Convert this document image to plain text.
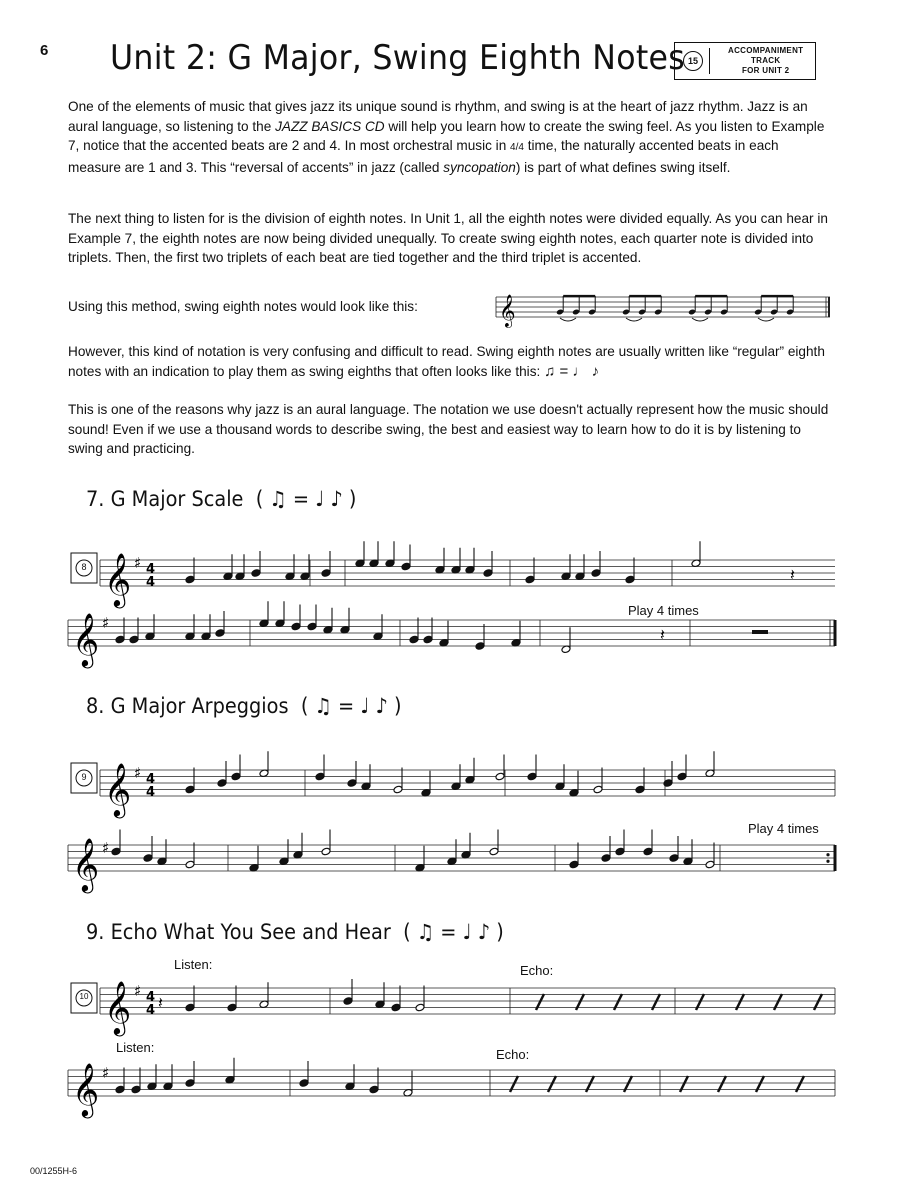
6 Unit 2: G Major, Swing Eighth Notes 15
ACCOMPANIMENT TRACK
FOR UNIT 2
One of the elements of music that gives jazz its unique sound is rhythm, and swing is at the heart of jazz rhythm. Jazz is an aural language, so listening to the JAZZ BASICS CD will help you learn how to create the swing feel. As you listen to Example 7, notice that the accented beats are 2 and 4. In most orchestral music in 4/4 time, the naturally accented beats in each measure are 1 and 3. This “reversal of accents” in jazz (called syncopation) is part of what defines swing itself.
The next thing to listen for is the division of eighth notes. In Unit 1, all the eighth notes were divided equally. As you can hear in Example 7, the eighth notes are now being divided unequally. To create swing eighth notes, each quarter note is divided into triplets. Then, the first two triplets of each beat are tied together and the third triplet is accented.
Using this method, swing eighth notes would look like this:	𝄞
However, this kind of notation is very confusing and difficult to read. Swing eighth notes are usually written like “regular” eighth notes with an indication to play them as swing eighths that often looks like this: ♫ = ♩ ♪
This is one of the reasons why jazz is an aural language. The notation we use doesn't actually represent how the music should sound! Even if we use a thousand words to describe swing, the best and easiest way to learn how to do it is by listening to swing and practicing.
7. G Major Scale ( ♫ = ♩ ♪ )
8. G Major Arpeggios ( ♫ = ♩ ♪ )
9. Echo What You See and Hear ( ♫ = ♩ ♪ )
Play 4 times
Play 4 times
Listen:	Echo:
Listen:	Echo:
8
9
10
𝄞 ♯ 4
4
𝄞 ♯
𝄞 ♯ 4
4
𝄞 ♯
𝄞 ♯ 4
4
𝄞 ♯
𝄽
𝄽
𝄽
00/1255H-6
